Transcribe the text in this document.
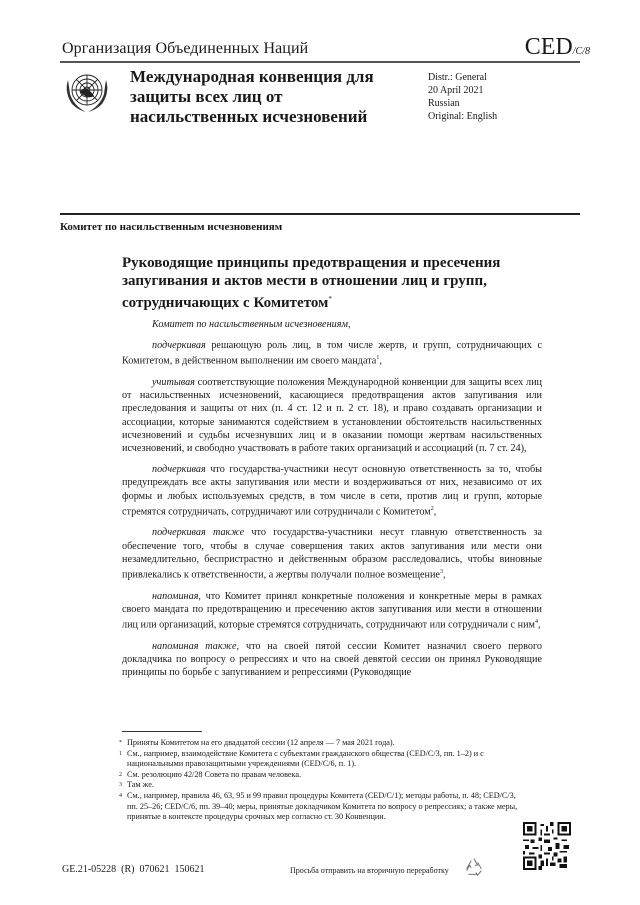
Организация Объединенных Наций	CED/C/8
Международная конвенция для защиты всех лиц от насильственных исчезновений
Distr.: General
20 April 2021
Russian
Original: English
Комитет по насильственным исчезновениям
Руководящие принципы предотвращения и пресечения запугивания и актов мести в отношении лиц и групп, сотрудничающих с Комитетом*

Комитет по насильственным исчезновениям,

подчеркивая решающую роль лиц, в том числе жертв, и групп, сотрудничающих с Комитетом, в действенном выполнении им своего мандата$^1$,

учитывая соответствующие положения Международной конвенции для защиты всех лиц от насильственных исчезновений, касающиеся предотвращения актов запугивания или преследования и защиты от них (п. 4 ст. 12 и п. 2 ст. 18), и право создавать организации и ассоциации, которые занимаются содействием в установлении обстоятельств насильственных исчезновений и судьбы исчезнувших лиц и в оказании помощи жертвам насильственных исчезновений, и свободно участвовать в работе таких организаций и ассоциаций (п. 7 ст. 24),

подчеркивая что государства-участники несут основную ответственность за то, чтобы предупреждать все акты запугивания или мести и воздерживаться от них, независимо от их формы и любых используемых средств, в том числе в сети, против лиц и групп, которые стремятся сотрудничать, сотрудничают или сотрудничали с Комитетом$^2$,

подчеркивая также что государства-участники несут главную ответственность за обеспечение того, чтобы в случае совершения таких актов запугивания или мести они незамедлительно, беспристрастно и действенным образом расследовались, чтобы виновные привлекались к ответственности, а жертвы получали полное возмещение$^3$,

напоминая, что Комитет принял конкретные положения и конкретные меры в рамках своего мандата по предотвращению и пресечению актов запугивания или мести в отношении лиц или организаций, которые стремятся сотрудничать, сотрудничают или сотрудничали с ним$^4$,

напоминая также, что на своей пятой сессии Комитет назначил своего первого докладчика по вопросу о репрессиях и что на своей девятой сессии он принял Руководящие принципы по борьбе с запугиванием и репрессиями (Руководящие

* Приняты Комитетом на его двадцатой сессии (12 апреля — 7 мая 2021 года).
1 См., например, взаимодействие Комитета с субъектами гражданского общества (CED/C/3, пп. 1–2) и с национальными правозащитными учреждениями (CED/C/6, п. 1).
2 См. резолюцию 42/28 Совета по правам человека.
3 Там же.
4 См., например, правила 46, 63, 95 и 99 правил процедуры Комитета (CED/C/1); методы работы, п. 48; CED/C/3, пп. 25–26; CED/C/6, пп. 39–40; меры, принятые докладчиком Комитета по вопросу о репрессиях; а также меры, принятые в контексте процедуры срочных мер согласно ст. 30 Конвенции.
GE.21-05228  (R)  070621  150621	Просьба отправить на вторичную переработку
